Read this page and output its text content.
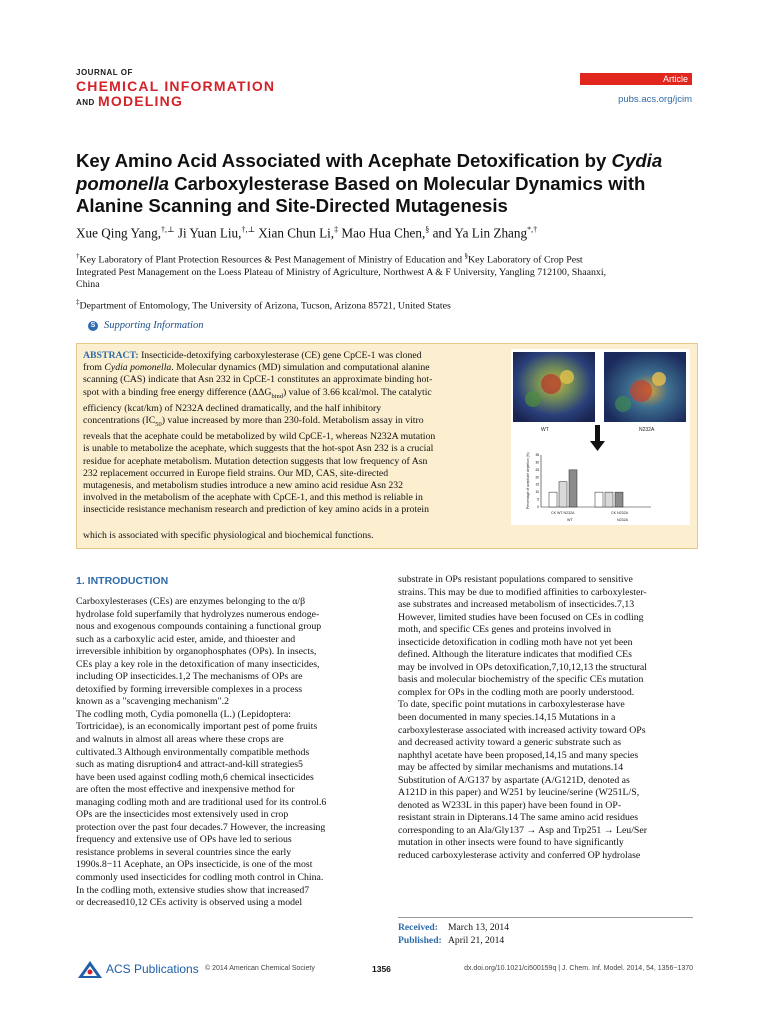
JOURNAL OF
CHEMICAL INFORMATION
AND MODELING
Article
pubs.acs.org/jcim
Key Amino Acid Associated with Acephate Detoxification by Cydia
pomonella Carboxylesterase Based on Molecular Dynamics with
Alanine Scanning and Site-Directed Mutagenesis
Xue Qing Yang,†,⊥ Ji Yuan Liu,†,⊥ Xian Chun Li,‡ Mao Hua Chen,§ and Ya Lin Zhang*,†
†Key Laboratory of Plant Protection Resources & Pest Management of Ministry of Education and §Key Laboratory of Crop Pest
Integrated Pest Management on the Loess Plateau of Ministry of Agriculture, Northwest A & F University, Yangling 712100, Shaanxi,
China
‡Department of Entomology, The University of Arizona, Tucson, Arizona 85721, United States
S Supporting Information
ABSTRACT: Insecticide-detoxifying carboxylesterase (CE) gene CpCE-1 was cloned
from Cydia pomonella. Molecular dynamics (MD) simulation and computational alanine
scanning (CAS) indicate that Asn 232 in CpCE-1 constitutes an approximate binding hot-
spot with a binding free energy difference $(\Delta\Delta G_{bind})$ value of 3.66 kcal/mol. The catalytic
efficiency (kcat/km) of N232A declined dramatically, and the half inhibitory
concentrations $(IC_{50})$ value increased by more than 230-fold. Metabolism assay in vitro
reveals that the acephate could be metabolized by wild CpCE-1, whereas N232A mutation
is unable to metabolize the acephate, which suggests that the hot-spot Asn 232 is a crucial
residue for acephate metabolism. Mutation detection suggests that low frequency of Asn
232 replacement occurred in Europe field strains. Our MD, CAS, site-directed
mutagenesis, and metabolism studies introduce a new amino acid residue Asn 232
involved in the metabolism of the acephate with CpCE-1, and this method is reliable in
insecticide resistance mechanism research and prediction of key amino acids in a protein
which is associated with specific physiological and biochemical functions.
WT	N232A
35
30
25
20
15
10
5
0
CK WT N232A	CK N232A
WT	N232A
Percentage of acephate depletion (%)
1. INTRODUCTION
Carboxylesterases (CEs) are enzymes belonging to the α/β
hydrolase fold superfamily that hydrolyzes numerous endoge-
nous and exogenous compounds containing a functional group
such as a carboxylic acid ester, amide, and thioester and
irreversible inhibition by organophosphates (OPs). In insects,
CEs play a key role in the detoxification of many insecticides,
including OP insecticides.1,2 The mechanisms of OPs are
detoxified by forming irreversible complexes in a process
known as a "scavenging mechanism".2
The codling moth, Cydia pomonella (L.) (Lepidoptera:
Tortricidae), is an economically important pest of pome fruits
and walnuts in almost all areas where these crops are
cultivated.3 Although environmentally compatible methods
such as mating disruption4 and attract-and-kill strategies5
have been used against codling moth,6 chemical insecticides
are often the most effective and inexpensive method for
managing codling moth and are traditional used for its control.6
OPs are the insecticides most extensively used in crop
protection over the past four decades.7 However, the increasing
frequency and extensive use of OPs have led to serious
resistance problems in several countries since the early
1990s.8−11 Acephate, an OPs insecticide, is one of the most
commonly used insecticides for codling moth control in China.
In the codling moth, extensive studies show that increased7
or decreased10,12 CEs activity is observed using a model
substrate in OPs resistant populations compared to sensitive
strains. This may be due to modified affinities to carboxylester-
ase substrates and increased metabolism of insecticides.7,13
However, limited studies have been focused on CEs in codling
moth, and specific CEs genes and proteins involved in
insecticide detoxification in codling moth have not yet been
defined. Although the literature indicates that modified CEs
may be involved in OPs detoxification,7,10,12,13 the structural
basis and molecular biochemistry of the specific CEs mutation
complex for OPs in the codling moth are poorly understood.
To date, specific point mutations in carboxylesterase have
been documented in many species.14,15 Mutations in a
carboxylesterase associated with increased activity toward OPs
and decreased activity toward a generic substrate such as
naphthyl acetate have been proposed,14,15 and many species
may be affected by similar mechanisms and mutations.14
Substitution of A/G137 by aspartate (A/G121D, denoted as
A121D in this paper) and W251 by leucine/serine (W251L/S,
denoted as W233L in this paper) have been found in OP-
resistant strain in Dipterans.14 The same amino acid residues
corresponding to an Ala/Gly137 → Asp and Trp251 → Leu/Ser
mutation in other insects were found to have significantly
reduced carboxylesterase activity and conferred OP hydrolase
Received: March 13, 2014
Published: April 21, 2014
ACS Publications © 2014 American Chemical Society	1356	dx.doi.org/10.1021/ci500159q | J. Chem. Inf. Model. 2014, 54, 1356−1370
